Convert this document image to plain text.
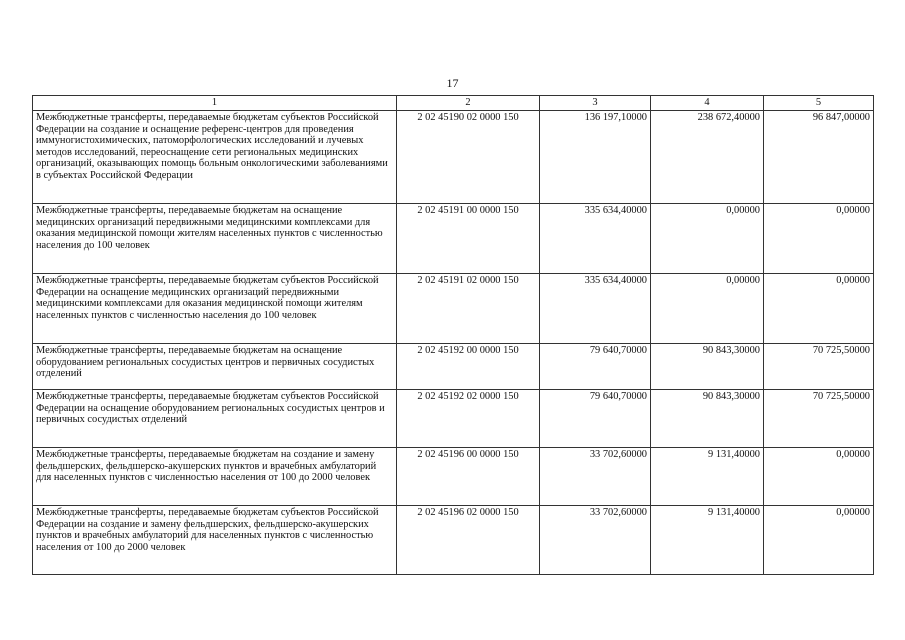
17
1	2	3	4	5
Межбюджетные трансферты, передаваемые бюджетам субъектов Российской Федерации на создание и оснащение референс-центров для проведения иммуногистохимических, патоморфологических исследований и лучевых методов исследований, переоснащение сети региональных медицинских организаций, оказывающих помощь больным онкологическими заболеваниями в субъектах Российской Федерации	2 02 45190 02 0000 150	136 197,10000	238 672,40000	96 847,00000
Межбюджетные трансферты, передаваемые бюджетам на оснащение медицинских организаций передвижными медицинскими комплексами для оказания медицинской помощи жителям населенных пунктов с численностью населения до 100 человек	2 02 45191 00 0000 150	335 634,40000	0,00000	0,00000
Межбюджетные трансферты, передаваемые бюджетам субъектов Российской Федерации на оснащение медицинских организаций передвижными медицинскими комплексами для оказания медицинской помощи жителям населенных пунктов с численностью населения до 100 человек	2 02 45191 02 0000 150	335 634,40000	0,00000	0,00000
Межбюджетные трансферты, передаваемые бюджетам на оснащение оборудованием региональных сосудистых центров и первичных сосудистых отделений	2 02 45192 00 0000 150	79 640,70000	90 843,30000	70 725,50000
Межбюджетные трансферты, передаваемые бюджетам субъектов Российской Федерации на оснащение оборудованием региональных сосудистых центров и первичных сосудистых отделений	2 02 45192 02 0000 150	79 640,70000	90 843,30000	70 725,50000
Межбюджетные трансферты, передаваемые бюджетам на создание и замену фельдшерских, фельдшерско-акушерских пунктов и врачебных амбулаторий для населенных пунктов с численностью населения от 100 до 2000 человек	2 02 45196 00 0000 150	33 702,60000	9 131,40000	0,00000
Межбюджетные трансферты, передаваемые бюджетам субъектов Российской Федерации на создание и замену фельдшерских, фельдшерско-акушерских пунктов и врачебных амбулаторий для населенных пунктов с численностью населения от 100 до 2000 человек	2 02 45196 02 0000 150	33 702,60000	9 131,40000	0,00000
